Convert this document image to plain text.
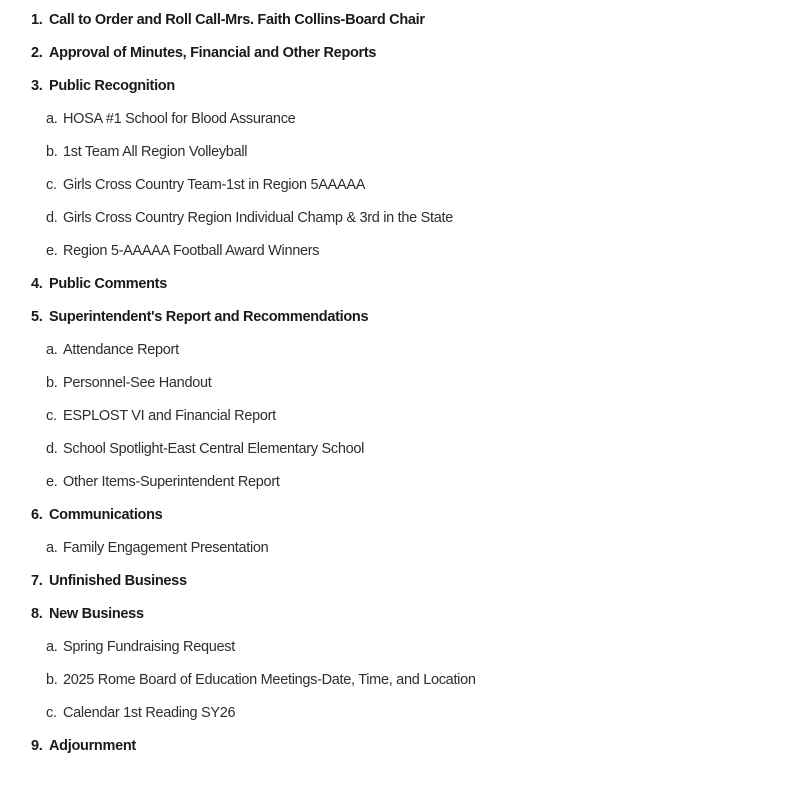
1. Call to Order and Roll Call-Mrs. Faith Collins-Board Chair
2. Approval of Minutes, Financial and Other Reports
3. Public Recognition
a. HOSA #1 School for Blood Assurance
b. 1st Team All Region Volleyball
c. Girls Cross Country Team-1st in Region 5AAAAA
d. Girls Cross Country Region Individual Champ & 3rd in the State
e. Region 5-AAAAA Football Award Winners
4. Public Comments
5. Superintendent's Report and Recommendations
a. Attendance Report
b. Personnel-See Handout
c. ESPLOST VI and Financial Report
d. School Spotlight-East Central Elementary School
e. Other Items-Superintendent Report
6. Communications
a. Family Engagement Presentation
7. Unfinished Business
8. New Business
a. Spring Fundraising Request
b. 2025 Rome Board of Education Meetings-Date, Time, and Location
c. Calendar 1st Reading SY26
9. Adjournment
